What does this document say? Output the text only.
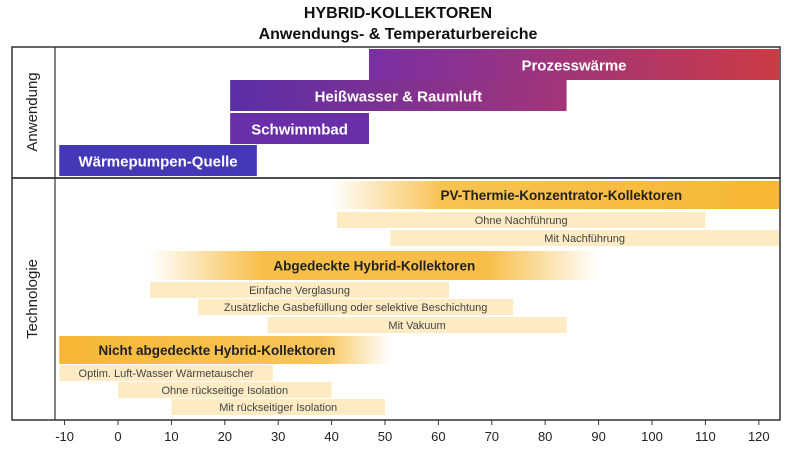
HYBRID-KOLLEKTOREN
Anwendungs- & Temperaturbereiche
Prozesswärme
Heißwasser & Raumluft
Schwimmbad
Wärmepumpen-Quelle
PV-Thermie-Konzentrator-Kollektoren
Ohne Nachführung
Mit Nachführung
Abgedeckte Hybrid-Kollektoren
Einfache Verglasung
Zusätzliche Gasbefüllung oder selektive Beschichtung
Mit Vakuum
Nicht abgedeckte Hybrid-Kollektoren
Optim. Luft-Wasser Wärmetauscher
Ohne rückseitige Isolation
Mit rückseitiger Isolation
Anwendung
Technologie
-10	0	10	20	30	40	50	60	70	80	90	100 110 120
